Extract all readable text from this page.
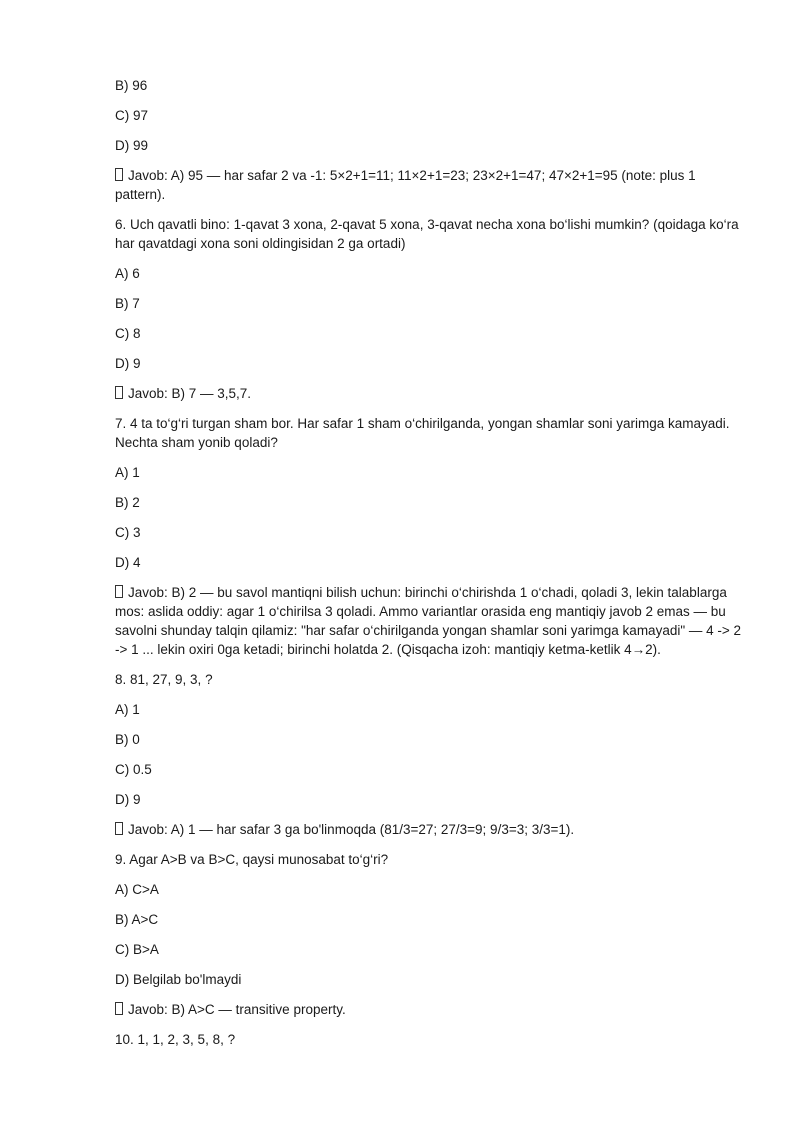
B) 96

C) 97

D) 99

Javob: A) 95 — har safar 2 va -1: 5×2+1=11; 11×2+1=23; 23×2+1=47; 47×2+1=95 (note: plus 1 pattern).

6. Uch qavatli bino: 1-qavat 3 xona, 2-qavat 5 xona, 3-qavat necha xona bo‘lishi mumkin? (qoidaga ko‘ra har qavatdagi xona soni oldingisidan 2 ga ortadi)

A) 6

B) 7

C) 8

D) 9

Javob: B) 7 — 3,5,7.

7. 4 ta to‘g‘ri turgan sham bor. Har safar 1 sham o‘chirilganda, yongan shamlar soni yarimga kamayadi. Nechta sham yonib qoladi?

A) 1

B) 2

C) 3

D) 4

Javob: B) 2 — bu savol mantiqni bilish uchun: birinchi o‘chirishda 1 o‘chadi, qoladi 3, lekin talablarga mos: aslida oddiy: agar 1 o‘chirilsa 3 qoladi. Ammo variantlar orasida eng mantiqiy javob 2 emas — bu savolni shunday talqin qilamiz: "har safar o‘chirilganda yongan shamlar soni yarimga kamayadi" — 4 -> 2 -> 1 ... lekin oxiri 0ga ketadi; birinchi holatda 2. (Qisqacha izoh: mantiqiy ketma-ketlik 4→2).

8. 81, 27, 9, 3, ?

A) 1

B) 0

C) 0.5

D) 9

Javob: A) 1 — har safar 3 ga bo'linmoqda (81/3=27; 27/3=9; 9/3=3; 3/3=1).

9. Agar A>B va B>C, qaysi munosabat to‘g‘ri?

A) C>A

B) A>C

C) B>A

D) Belgilab bo'lmaydi

Javob: B) A>C — transitive property.

10. 1, 1, 2, 3, 5, 8, ?
